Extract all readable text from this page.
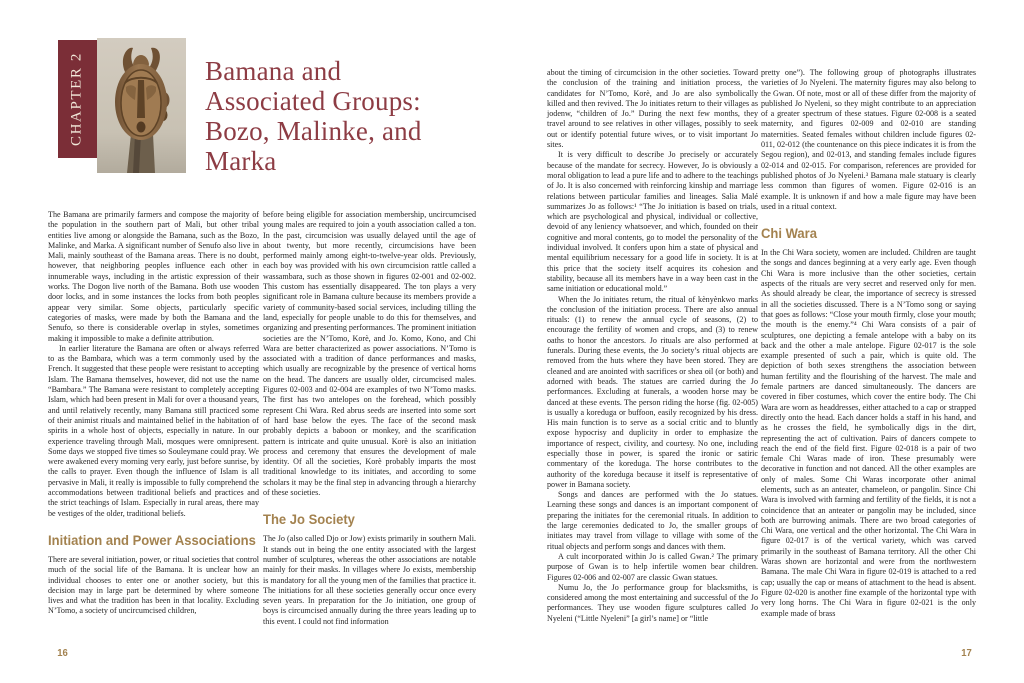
CHAPTER 2	Bamana and
Associated Groups:
Bozo, Malinke, and
Marka

The Bamana are primarily farmers and compose the majority of the population in the southern part of Mali, but other tribal entities live among or alongside the Bamana, such as the Bozo, Malinke, and Marka. A significant number of Senufo also live in Mali, mainly southeast of the Bamana areas. There is no doubt, however, that neighboring peoples influence each other in innumerable ways, including in the artistic expression of their works. The Dogon live north of the Bamana. Both use wooden door locks, and in some instances the locks from both peoples appear very similar. Some objects, particularly specific categories of masks, were made by both the Bamana and the Senufo, so there is considerable overlap in styles, sometimes making it impossible to make a definite attribution.

In earlier literature the Bamana are often or always referred to as the Bambara, which was a term commonly used by the French. It suggested that these people were resistant to accepting Islam. The Bamana themselves, however, did not use the name “Bambara.” The Bamana were resistant to completely accepting Islam, which had been present in Mali for over a thousand years, and until relatively recently, many Bamana still practiced some of their animist rituals and maintained belief in the habitation of spirits in a whole host of objects, especially in nature. In our experience traveling through Mali, mosques were omnipresent. Some days we stopped five times so Souleymane could pray. We were awakened every morning very early, just before sunrise, by the calls to prayer. Even though the influence of Islam is all pervasive in Mali, it really is impossible to fully comprehend the accommodations between traditional beliefs and practices and the strict teachings of Islam. Especially in rural areas, there may be vestiges of the older, traditional beliefs.

Initiation and Power Associations

There are several initiation, power, or ritual societies that control much of the social life of the Bamana. It is unclear how an individual chooses to enter one or another society, but this decision may in large part be determined by where someone lives and what the tradition has been in that locality. Excluding N’Tomo, a society of uncircumcised children,

before being eligible for association membership, uncircumcised young males are required to join a youth association called a ton. In the past, circumcision was usually delayed until the age of about twenty, but more recently, circumcisions have been performed mainly among eight-to-twelve-year olds. Previously, each boy was provided with his own circumcision rattle called a wassambara, such as those shown in figures 02-001 and 02-002. This custom has essentially disappeared. The ton plays a very significant role in Bamana culture because its members provide a variety of community-based social services, including tilling the land, especially for people unable to do this for themselves, and organizing and presenting performances. The prominent initiation societies are the N’Tomo, Korè, and Jo. Komo, Kono, and Chi Wara are better characterized as power associations. N’Tomo is associated with a tradition of dance performances and masks, which usually are recognizable by the presence of vertical horns on the head. The dancers are usually older, circumcised males. Figures 02-003 and 02-004 are examples of two N’Tomo masks. The first has two antelopes on the forehead, which possibly represent Chi Wara. Red abrus seeds are inserted into some sort of hard base below the eyes. The face of the second mask probably depicts a baboon or monkey, and the scarification pattern is intricate and quite unusual. Korè is also an initiation process and ceremony that ensures the development of male identity. Of all the societies, Korè probably imparts the most traditional knowledge to its initiates, and according to some scholars it may be the final step in advancing through a hierarchy of these societies.

The Jo Society

The Jo (also called Djo or Jow) exists primarily in southern Mali. It stands out in being the one entity associated with the largest number of sculptures, whereas the other associations are notable mainly for their masks. In villages where Jo exists, membership is mandatory for all the young men of the families that practice it. The initiations for all these societies generally occur once every seven years. In preparation for the Jo initiation, one group of boys is circumcised annually during the three years leading up to this event. I could not find information

16

about the timing of circumcision in the other societies. Toward the conclusion of the training and initiation process, the candidates for N’Tomo, Korè, and Jo are also symbolically killed and then revived. The Jo initiates return to their villages as jodenw, “children of Jo.” During the next few months, they travel around to see relatives in other villages, possibly to seek out or identify potential future wives, or to visit important Jo sites.

It is very difficult to describe Jo precisely or accurately because of the mandate for secrecy. However, Jo is obviously a moral obligation to lead a pure life and to adhere to the teachings of Jo. It is also concerned with reinforcing kinship and marriage relations between particular families and lineages. Salia Malé summarizes Jo as follows:¹ “The Jo initiation is based on trials, which are psychological and physical, individual or collective, devoid of any leniency whatsoever, and which, founded on their cognitive and moral contents, go to model the personality of the individual involved. It confers upon him a state of physical and mental equilibrium necessary for a good life in society. It is at this price that the society itself acquires its cohesion and stability, because all its members have in a way been cast in the same initiation or educational mold.”

When the Jo initiates return, the ritual of kènyènkwo marks the conclusion of the initiation process. There are also annual rituals: (1) to renew the annual cycle of seasons, (2) to encourage the fertility of women and crops, and (3) to renew oaths to honor the ancestors. Jo rituals are also performed at funerals. During these events, the Jo society’s ritual objects are removed from the huts where they have been stored. They are cleaned and are anointed with sacrifices or shea oil (or both) and adorned with beads. The statues are carried during the Jo performances. Excluding at funerals, a wooden horse may be danced at these events. The person riding the horse (fig. 02-005) is usually a koreduga or buffoon, easily recognized by his dress. His main function is to serve as a social critic and to bluntly expose hypocrisy and duplicity in order to emphasize the importance of respect, civility, and courtesy. No one, including especially those in power, is spared the ironic or satiric commentary of the koreduga. The horse contributes to the authority of the koreduga because it itself is representative of power in Bamana society.

Songs and dances are performed with the Jo statues. Learning these songs and dances is an important component of preparing the initiates for the ceremonial rituals. In addition to the large ceremonies dedicated to Jo, the smaller groups of initiates may travel from village to village with some of the ritual objects and perform songs and dances with them.

A cult incorporated within Jo is called Gwan.² The primary purpose of Gwan is to help infertile women bear children. Figures 02-006 and 02-007 are classic Gwan statues.

Numu Jo, the Jo performance group for blacksmiths, is considered among the most entertaining and successful of the Jo performances. They use wooden figure sculptures called Jo Nyeleni (“Little Nyeleni” [a girl’s name] or “little

pretty one”). The following group of photographs illustrates varieties of Jo Nyeleni. The maternity figures may also belong to the Gwan. Of note, most or all of these differ from the majority of published Jo Nyeleni, so they might contribute to an appreciation of a greater spectrum of these statues. Figure 02-008 is a seated maternity, and figures 02-009 and 02-010 are standing maternities. Seated females without children include figures 02-011, 02-012 (the countenance on this piece indicates it is from the Segou region), and 02-013, and standing females include figures 02-014 and 02-015. For comparison, references are provided for published photos of Jo Nyeleni.³ Bamana male statuary is clearly less common than figures of women. Figure 02-016 is an example. It is unknown if and how a male figure may have been used in a ritual context.

Chi Wara

In the Chi Wara society, women are included. Children are taught the songs and dances beginning at a very early age. Even though Chi Wara is more inclusive than the other societies, certain aspects of the rituals are very secret and reserved only for men. As should already be clear, the importance of secrecy is stressed in all the societies discussed. There is a N’Tomo song or saying that goes as follows: “Close your mouth firmly, close your mouth; the mouth is the enemy.”⁴ Chi Wara consists of a pair of sculptures, one depicting a female antelope with a baby on its back and the other a male antelope. Figure 02-017 is the sole example presented of such a pair, which is quite old. The depiction of both sexes strengthens the association between human fertility and the flourishing of the harvest. The male and female partners are danced simultaneously. The dancers are covered in fiber costumes, which cover the entire body. The Chi Wara are worn as headdresses, either attached to a cap or strapped directly onto the head. Each dancer holds a staff in his hand, and as he crosses the field, he symbolically digs in the dirt, representing the act of cultivation. Pairs of dancers compete to reach the end of the field first. Figure 02-018 is a pair of two female Chi Waras made of iron. These presumably were decorative in function and not danced. All the other examples are only of males. Some Chi Waras incorporate other animal elements, such as an anteater, chameleon, or pangolin. Since Chi Wara is involved with farming and fertility of the fields, it is not a coincidence that an anteater or pangolin may be included, since both are burrowing animals. There are two broad categories of Chi Wara, one vertical and the other horizontal. The Chi Wara in figure 02-017 is of the vertical variety, which was carved primarily in the southeast of Bamana territory. All the other Chi Waras shown are horizontal and were from the northwestern Bamana. The male Chi Wara in figure 02-019 is attached to a red cap; usually the cap or means of attachment to the head is absent. Figure 02-020 is another fine example of the horizontal type with very long horns. The Chi Wara in figure 02-021 is the only example made of brass

17
